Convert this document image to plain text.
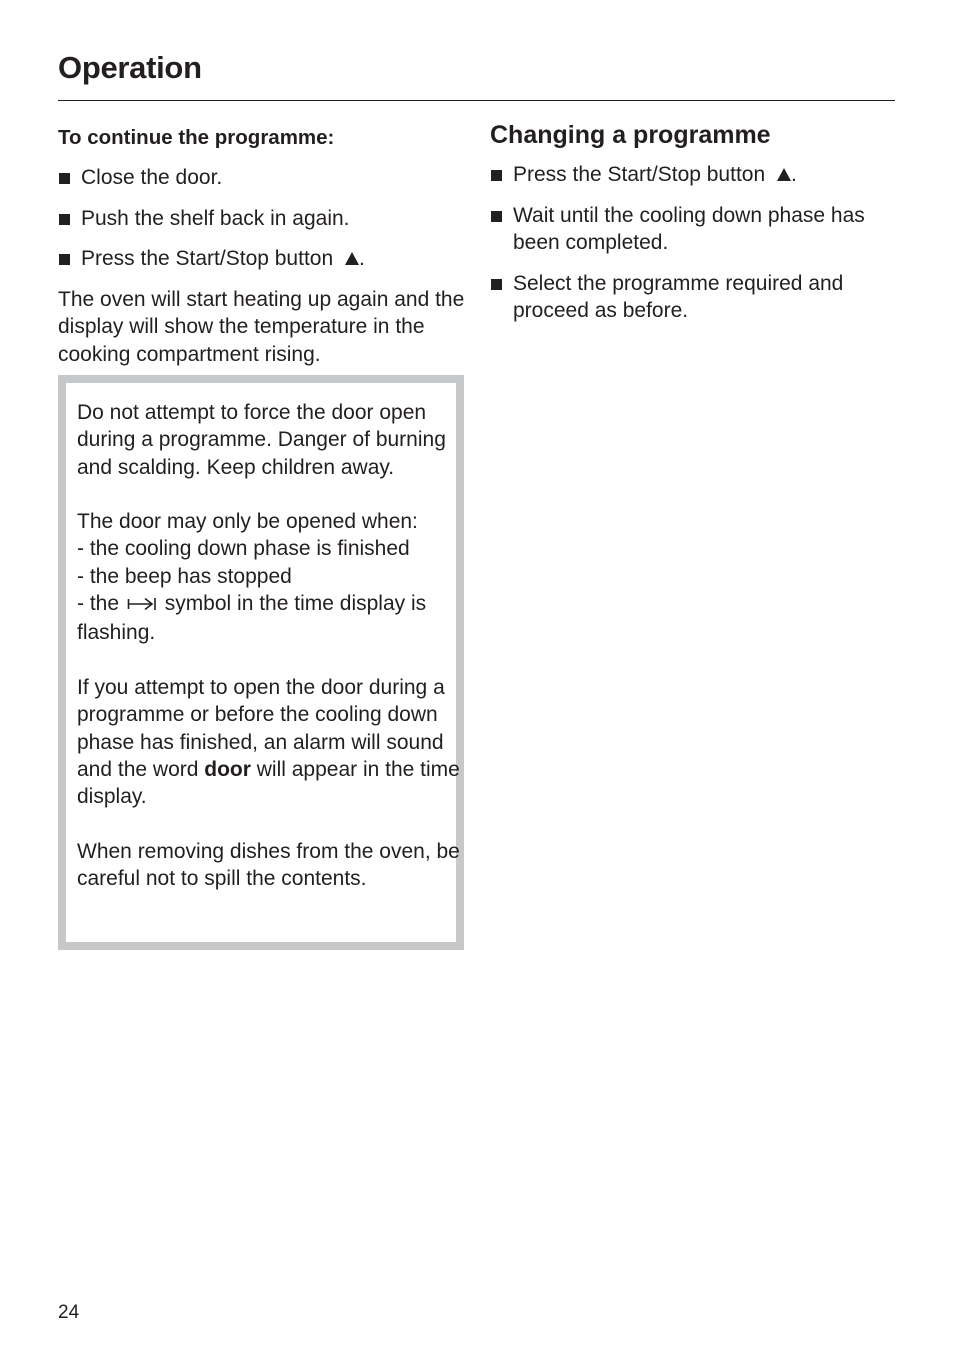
Operation

To continue the programme:

Close the door.
Push the shelf back in again.
Press the Start/Stop button .

The oven will start heating up again and the display will show the temperature in the cooking compartment rising.

Do not attempt to force the door open during a programme. Danger of burning and scalding. Keep children away.

The door may only be opened when:
- the cooling down phase is finished
- the beep has stopped
- the  symbol in the time display is flashing.

If you attempt to open the door during a programme or before the cooling down phase has finished, an alarm will sound and the word door will appear in the time display.

When removing dishes from the oven, be careful not to spill the contents.

Changing a programme
Press the Start/Stop button .
Wait until the cooling down phase has been completed.
Select the programme required and proceed as before.
24
